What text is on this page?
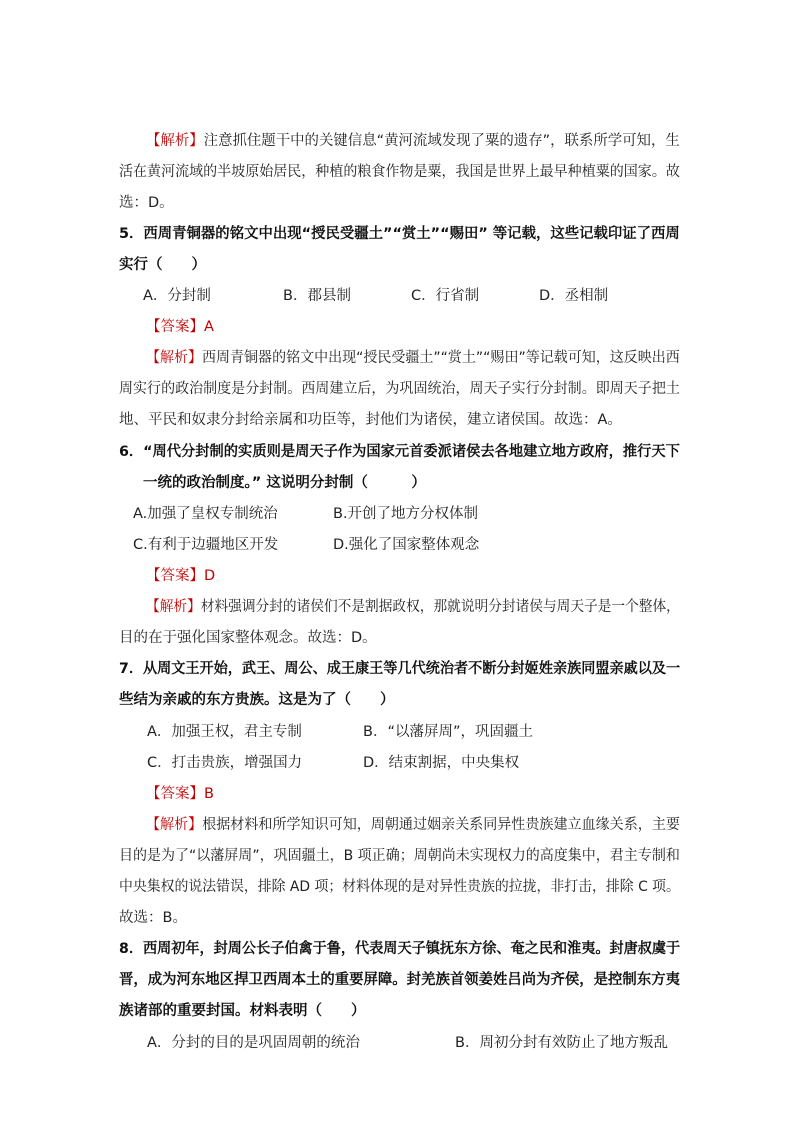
【解析】注意抓住题干中的关键信息“黄河流域发现了粟的遗存”，联系所学可知，生
活在黄河流域的半坡原始居民，种植的粮食作物是粟，我国是世界上最早种植粟的国家。故
选：D。
5．西周青铜器的铭文中出现“授民受疆土”“赏土”“赐田” 等记载，这些记载印证了西周
实行（　　）
A．分封制	B．郡县制	C．行省制	D．丞相制
【答案】A
【解析】西周青铜器的铭文中出现“授民受疆土”“赏土”“赐田”等记载可知，这反映出西
周实行的政治制度是分封制。西周建立后，为巩固统治，周天子实行分封制。即周天子把土
地、平民和奴隶分封给亲属和功臣等，封他们为诸侯，建立诸侯国。故选：A。
6．“周代分封制的实质则是周天子作为国家元首委派诸侯去各地建立地方政府，推行天下
一统的政治制度。” 这说明分封制（　　　）
A.加强了皇权专制统治	B.开创了地方分权体制
C.有利于边疆地区开发	D.强化了国家整体观念
【答案】D
【解析】材料强调分封的诸侯们不是割据政权，那就说明分封诸侯与周天子是一个整体，
目的在于强化国家整体观念。故选：D。
7．从周文王开始，武王、周公、成王康王等几代统治者不断分封姬姓亲族同盟亲戚以及一
些结为亲戚的东方贵族。这是为了（　　）
A．加强王权，君主专制	B．“以藩屏周”，巩固疆土
C．打击贵族，增强国力	D．结束割据，中央集权
【答案】B
【解析】根据材料和所学知识可知，周朝通过姻亲关系同异性贵族建立血缘关系，主要
目的是为了“以藩屏周”，巩固疆土，B 项正确；周朝尚未实现权力的高度集中，君主专制和
中央集权的说法错误，排除 AD 项；材料体现的是对异性贵族的拉拢，非打击，排除 C 项。
故选：B。
8．西周初年，封周公长子伯禽于鲁，代表周天子镇抚东方徐、奄之民和淮夷。封唐叔虞于
晋，成为河东地区捍卫西周本土的重要屏障。封羌族首领姜姓吕尚为齐侯，是控制东方夷
族诸部的重要封国。材料表明（　　）
A．分封的目的是巩固周朝的统治	B．周初分封有效防止了地方叛乱
